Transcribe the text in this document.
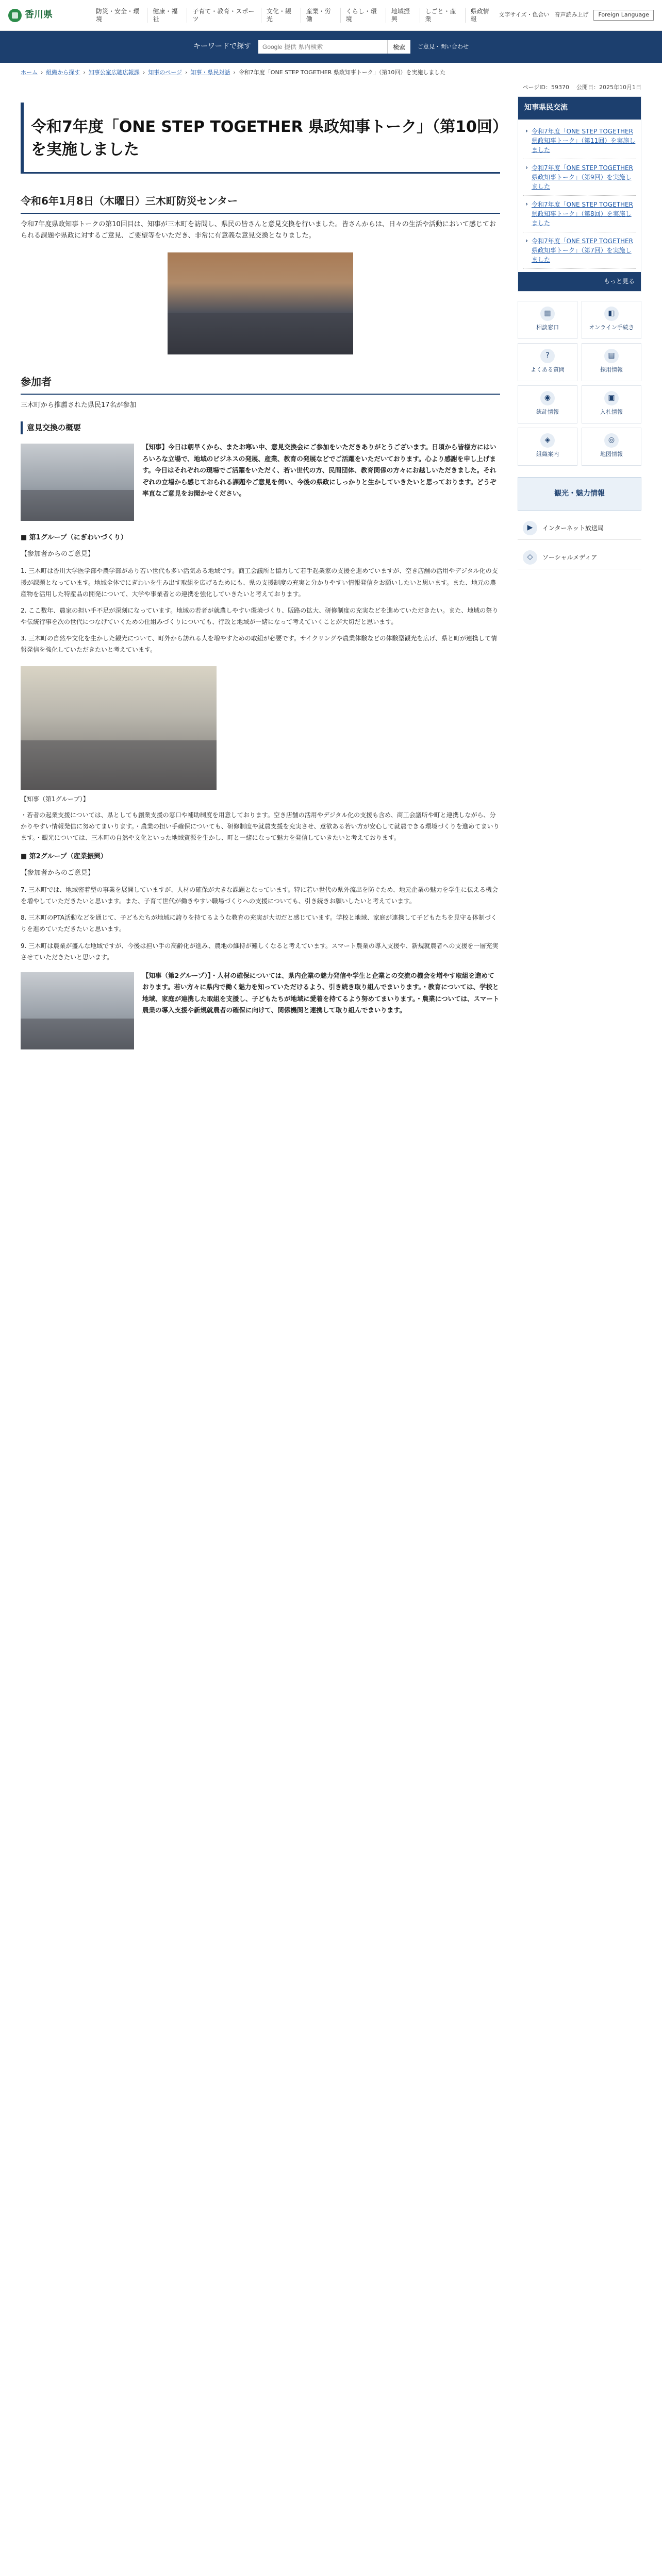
香川県	防災・安全・環境
健康・福祉
子育て・教育・スポーツ
文化・観光
産業・労働
くらし・環境
地域振興
しごと・産業
県政情報
文字サイズ・色合い 音声読み上げ	Foreign Language
キーワードで探す
Google 提供 県内検索	検索	ご意見・問い合わせ
ホーム › 組織から探す › 知事公室広聴広報課 › 知事のページ › 知事・県民対話 › 令和7年度「ONE STEP TOGETHER 県政知事トーク」（第10回）を実施しました
ページID：59370 公開日：2025年10月1日
令和7年度「ONE STEP TOGETHER 県政知事トーク」（第10回）を実施しました
令和6年1月8日（木曜日）三木町防災センター

令和7年度県政知事トークの第10回目は、知事が三木町を訪問し、県民の皆さんと意見交換を行いました。皆さんからは、日々の生活や活動において感じておられる課題や県政に対するご意見、ご要望等をいただき、非常に有意義な意見交換となりました。

参加者

三木町から推薦された県民17名が参加

意見交換の概要

【知事】今日は朝早くから、またお寒い中、意見交換会にご参加をいただきありがとうございます。日頃から皆様方にはいろいろな立場で、地域のビジネスの発展、産業、教育の発展などでご活躍をいただいております。心より感謝を申し上げます。今日はそれぞれの現場でご活躍をいただく、若い世代の方、民間団体、教育関係の方々にお越しいただきました。それぞれの立場から感じておられる課題やご意見を伺い、今後の県政にしっかりと生かしていきたいと思っております。どうぞ率直なご意見をお聞かせください。

■ 第1グループ（にぎわいづくり）

【参加者からのご意見】

1. 三木町は香川大学医学部や農学部があり若い世代も多い活気ある地域です。商工会議所と協力して若手起業家の支援を進めていますが、空き店舗の活用やデジタル化の支援が課題となっています。地域全体でにぎわいを生み出す取組を広げるためにも、県の支援制度の充実と分かりやすい情報発信をお願いしたいと思います。また、地元の農産物を活用した特産品の開発について、大学や事業者との連携を強化していきたいと考えております。

2. ここ数年、農家の担い手不足が深刻になっています。地域の若者が就農しやすい環境づくり、販路の拡大、研修制度の充実などを進めていただきたい。また、地域の祭りや伝統行事を次の世代につなげていくための仕組みづくりについても、行政と地域が一緒になって考えていくことが大切だと思います。

3. 三木町の自然や文化を生かした観光について、町外から訪れる人を増やすための取組が必要です。サイクリングや農業体験などの体験型観光を広げ、県と町が連携して情報発信を強化していただきたいと考えています。

【知事（第1グループ）】

・若者の起業支援については、県としても創業支援の窓口や補助制度を用意しております。空き店舗の活用やデジタル化の支援も含め、商工会議所や町と連携しながら、分かりやすい情報発信に努めてまいります。・農業の担い手確保についても、研修制度や就農支援を充実させ、意欲ある若い方が安心して就農できる環境づくりを進めてまいります。・観光については、三木町の自然や文化といった地域資源を生かし、町と一緒になって魅力を発信していきたいと考えております。

■ 第2グループ（産業振興）

【参加者からのご意見】

7. 三木町では、地域密着型の事業を展開していますが、人材の確保が大きな課題となっています。特に若い世代の県外流出を防ぐため、地元企業の魅力を学生に伝える機会を増やしていただきたいと思います。また、子育て世代が働きやすい職場づくりへの支援についても、引き続きお願いしたいと考えています。

8. 三木町のPTA活動などを通じて、子どもたちが地域に誇りを持てるような教育の充実が大切だと感じています。学校と地域、家庭が連携して子どもたちを見守る体制づくりを進めていただきたいと思います。

9. 三木町は農業が盛んな地域ですが、今後は担い手の高齢化が進み、農地の維持が難しくなると考えています。スマート農業の導入支援や、新規就農者への支援を一層充実させていただきたいと思います。

【知事（第2グループ）】・人材の確保については、県内企業の魅力発信や学生と企業との交流の機会を増やす取組を進めております。若い方々に県内で働く魅力を知っていただけるよう、引き続き取り組んでまいります。・教育については、学校と地域、家庭が連携した取組を支援し、子どもたちが地域に愛着を持てるよう努めてまいります。・農業については、スマート農業の導入支援や新規就農者の確保に向けて、関係機関と連携して取り組んでまいります。

知事県民交流
› 令和7年度「ONE STEP TOGETHER 県政知事トーク」（第11回）を実施しました
› 令和7年度「ONE STEP TOGETHER 県政知事トーク」（第9回）を実施しました
› 令和7年度「ONE STEP TOGETHER 県政知事トーク」（第8回）を実施しました
› 令和7年度「ONE STEP TOGETHER 県政知事トーク」（第7回）を実施しました
もっと見る
▦
相談窓口
◧
オンライン手続き
?
よくある質問
▤
採用情報
◉
統計情報
▣
入札情報
◈
組織案内
◎
地図情報
観光・魅力情報
▶	インターネット放送局
◇	ソーシャルメディア
